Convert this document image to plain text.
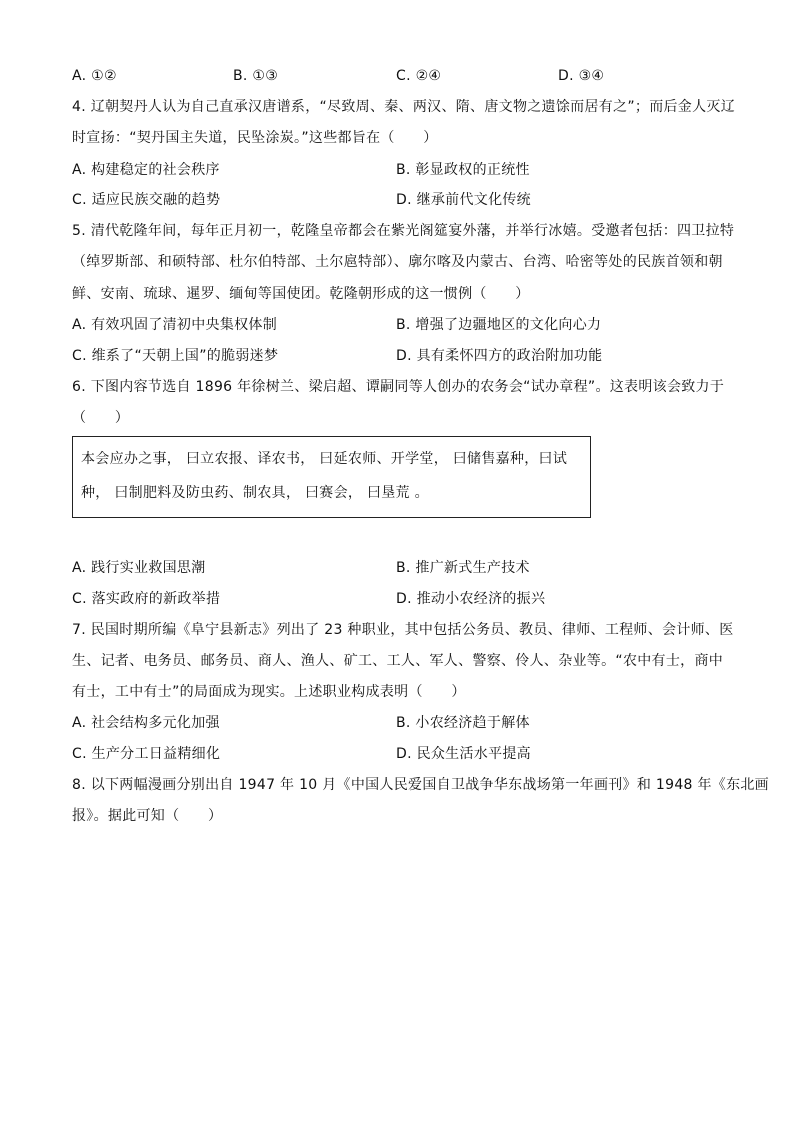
A. ①②	B. ①③	C. ②④	D. ③④
4. 辽朝契丹人认为自己直承汉唐谱系，“尽致周、秦、两汉、隋、唐文物之遗馀而居有之”；而后金人灭辽
时宣扬：“契丹国主失道，民坠涂炭。”这些都旨在（　　）
A. 构建稳定的社会秩序	B. 彰显政权的正统性
C. 适应民族交融的趋势	D. 继承前代文化传统
5. 清代乾隆年间，每年正月初一，乾隆皇帝都会在紫光阁筵宴外藩，并举行冰嬉。受邀者包括：四卫拉特
（绰罗斯部、和硕特部、杜尔伯特部、土尔扈特部）、廓尔喀及内蒙古、台湾、哈密等处的民族首领和朝
鲜、安南、琉球、暹罗、缅甸等国使团。乾隆朝形成的这一惯例（　　）
A. 有效巩固了清初中央集权体制	B. 增强了边疆地区的文化向心力
C. 维系了“天朝上国”的脆弱迷梦	D. 具有柔怀四方的政治附加功能
6. 下图内容节选自 1896 年徐树兰、梁启超、谭嗣同等人创办的农务会“试办章程”。这表明该会致力于
（　　）
本会应办之事， 曰立农报、译农书， 曰延农师、开学堂， 曰储售嘉种，曰试
种， 曰制肥料及防虫药、制农具， 曰赛会， 曰垦荒 。
A. 践行实业救国思潮	B. 推广新式生产技术
C. 落实政府的新政举措	D. 推动小农经济的振兴
7. 民国时期所编《阜宁县新志》列出了 23 种职业，其中包括公务员、教员、律师、工程师、会计师、医
生、记者、电务员、邮务员、商人、渔人、矿工、工人、军人、警察、伶人、杂业等。“农中有士，商中
有士，工中有士”的局面成为现实。上述职业构成表明（　　）
A. 社会结构多元化加强	B. 小农经济趋于解体
C. 生产分工日益精细化	D. 民众生活水平提高
8. 以下两幅漫画分别出自 1947 年 10 月《中国人民爱国自卫战争华东战场第一年画刊》和 1948 年《东北画
报》。据此可知（　　）
